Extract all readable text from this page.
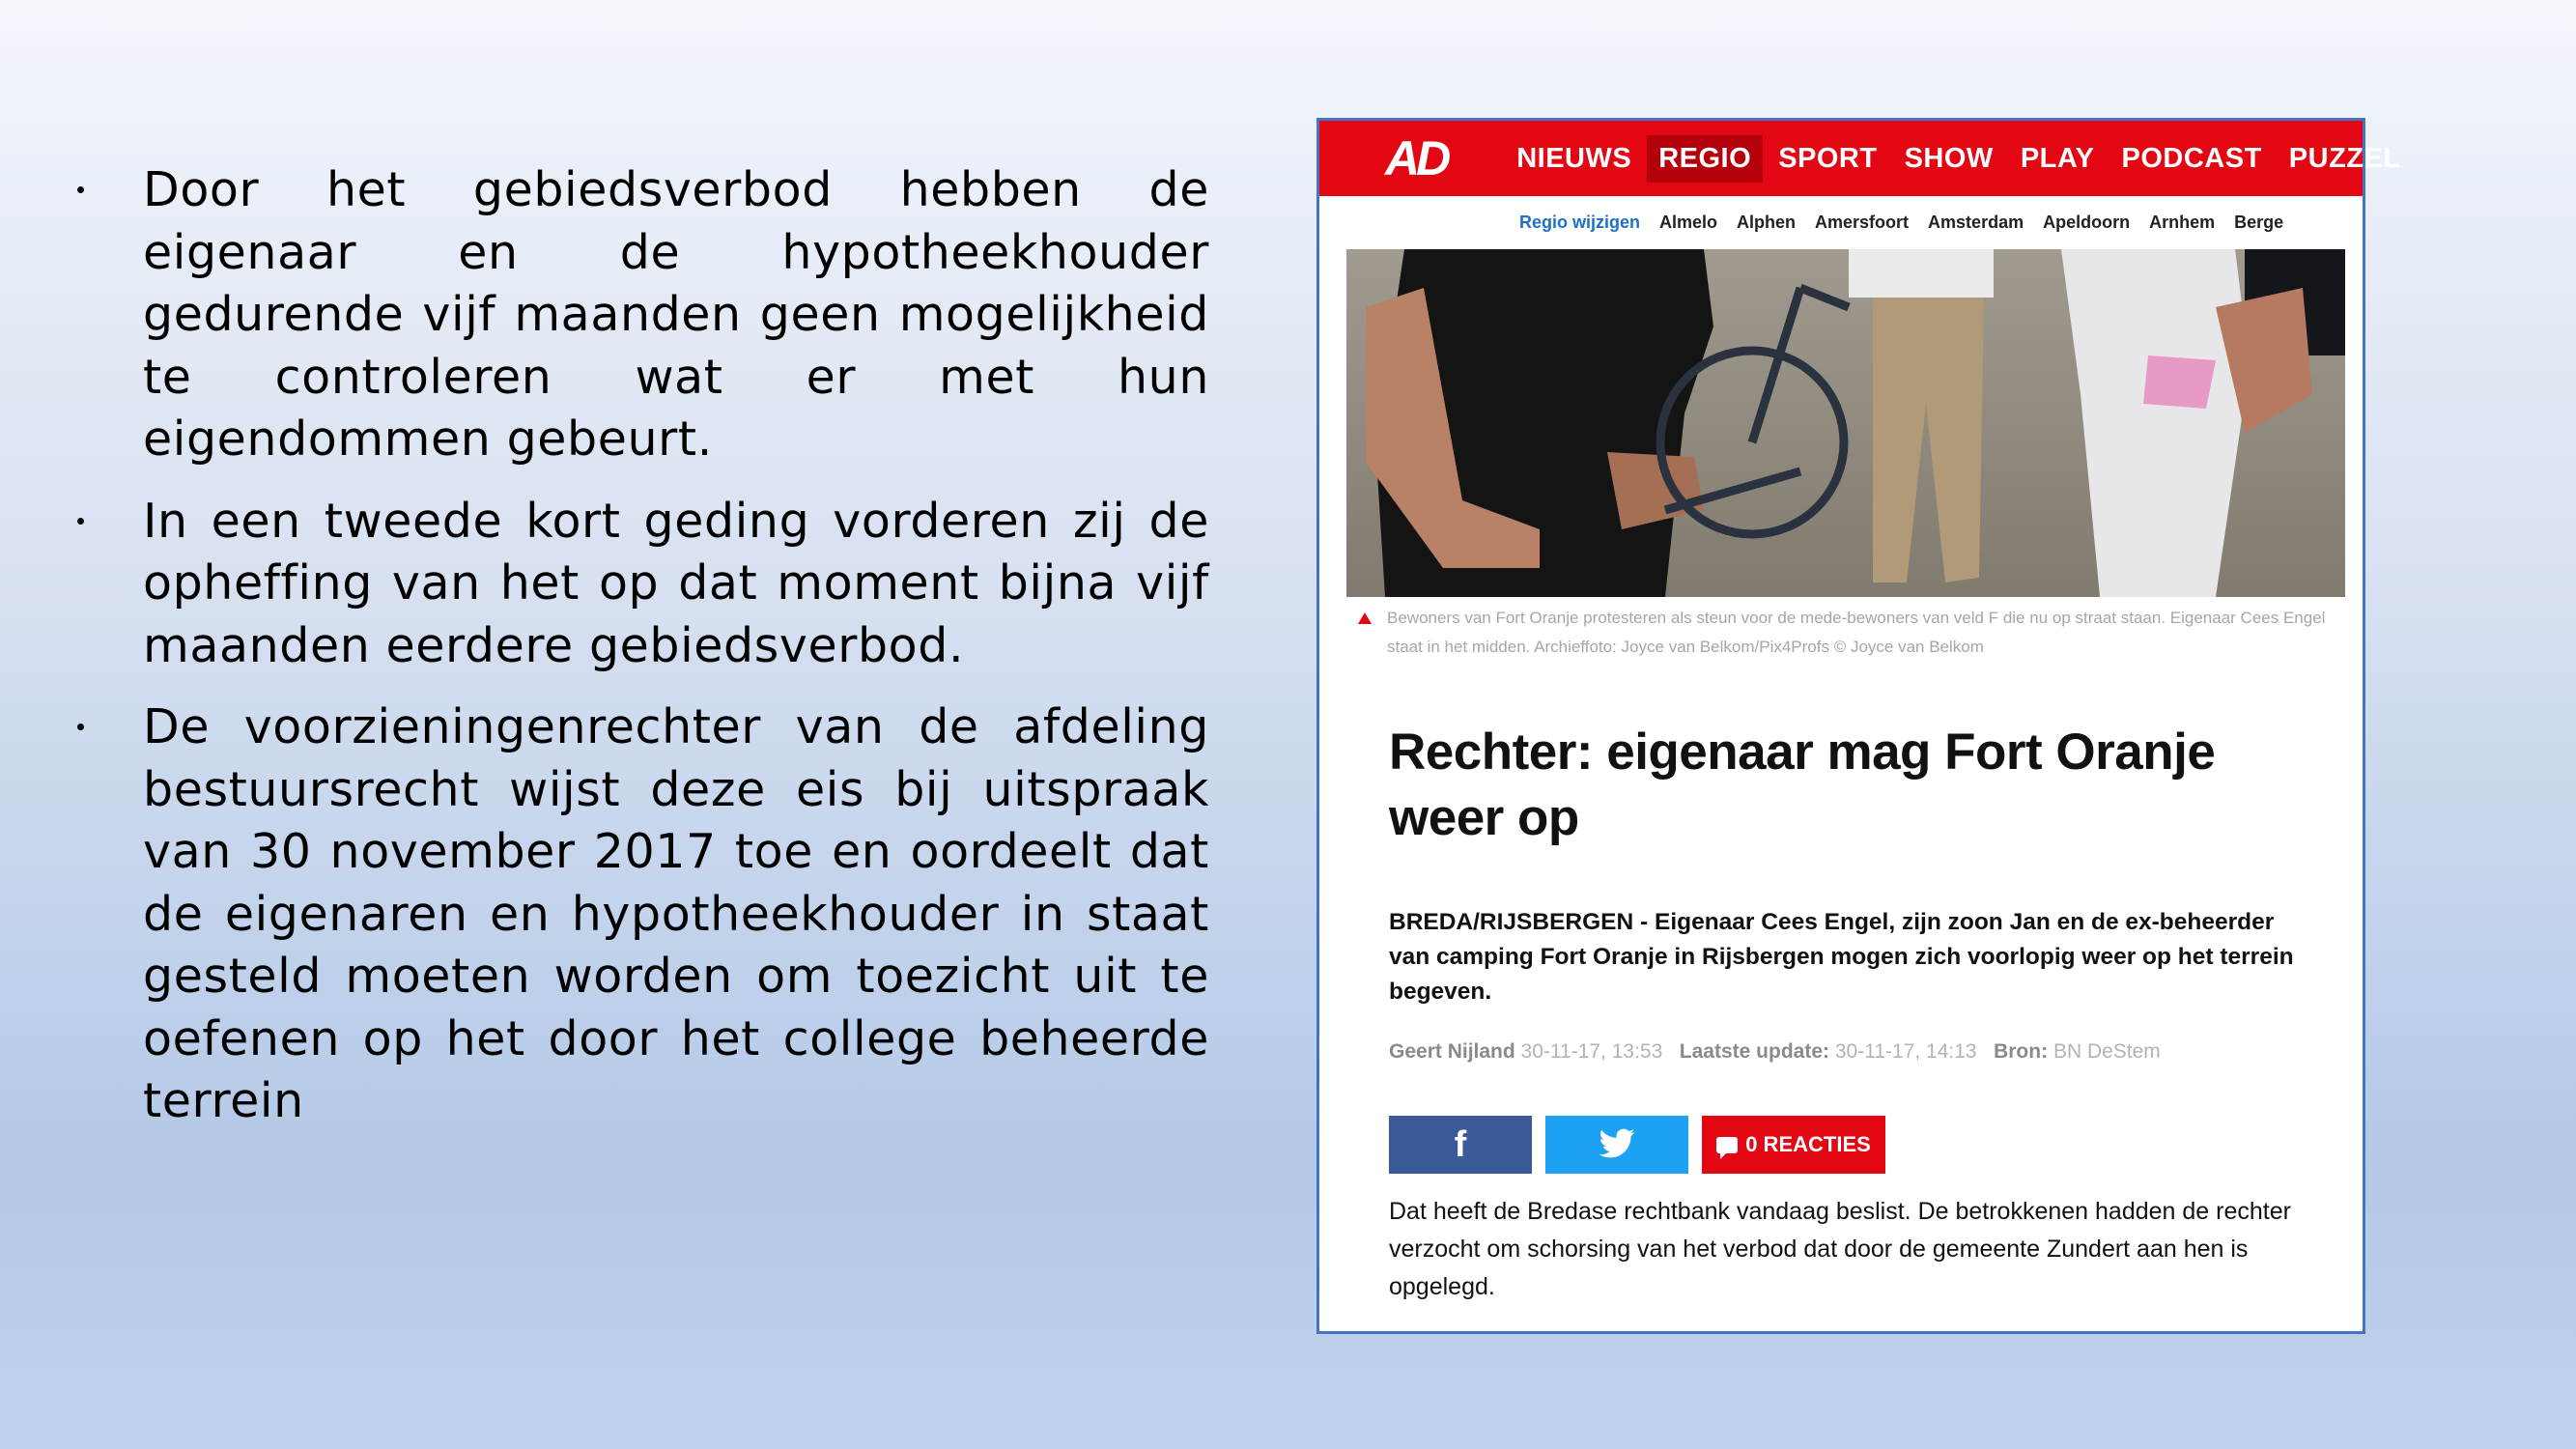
Door het gebiedsverbod hebben de eigenaar en de hypotheekhouder gedurende vijf maanden geen mogelijkheid te controleren wat er met hun eigendommen gebeurt.
In een tweede kort geding vorderen zij de opheffing van het op dat moment bijna vijf maanden eerdere gebiedsverbod.
De voorzieningenrechter van de afdeling bestuursrecht wijst deze eis bij uitspraak van 30 november 2017 toe en oordeelt dat de eigenaren en hypotheekhouder in staat gesteld moeten worden om toezicht uit te oefenen op het door het college beheerde terrein
AD	NIEUWS REGIO SPORT SHOW PLAY PODCAST PUZZEL
Regio wijzigen Almelo Alphen Amersfoort Amsterdam Apeldoorn Arnhem Berge
Bewoners van Fort Oranje protesteren als steun voor de mede-bewoners van veld F die nu op straat staan. Eigenaar Cees Engel staat in het midden. Archieffoto: Joyce van Belkom/Pix4Profs © Joyce van Belkom
Rechter: eigenaar mag Fort Oranje weer op
BREDA/RIJSBERGEN - Eigenaar Cees Engel, zijn zoon Jan en de ex-beheerder van camping Fort Oranje in Rijsbergen mogen zich voorlopig weer op het terrein begeven.
Geert Nijland 30-11-17, 13:53 Laatste update: 30-11-17, 14:13 Bron: BN DeStem
f	0 REACTIES
Dat heeft de Bredase rechtbank vandaag beslist. De betrokkenen hadden de rechter verzocht om schorsing van het verbod dat door de gemeente Zundert aan hen is opgelegd.
